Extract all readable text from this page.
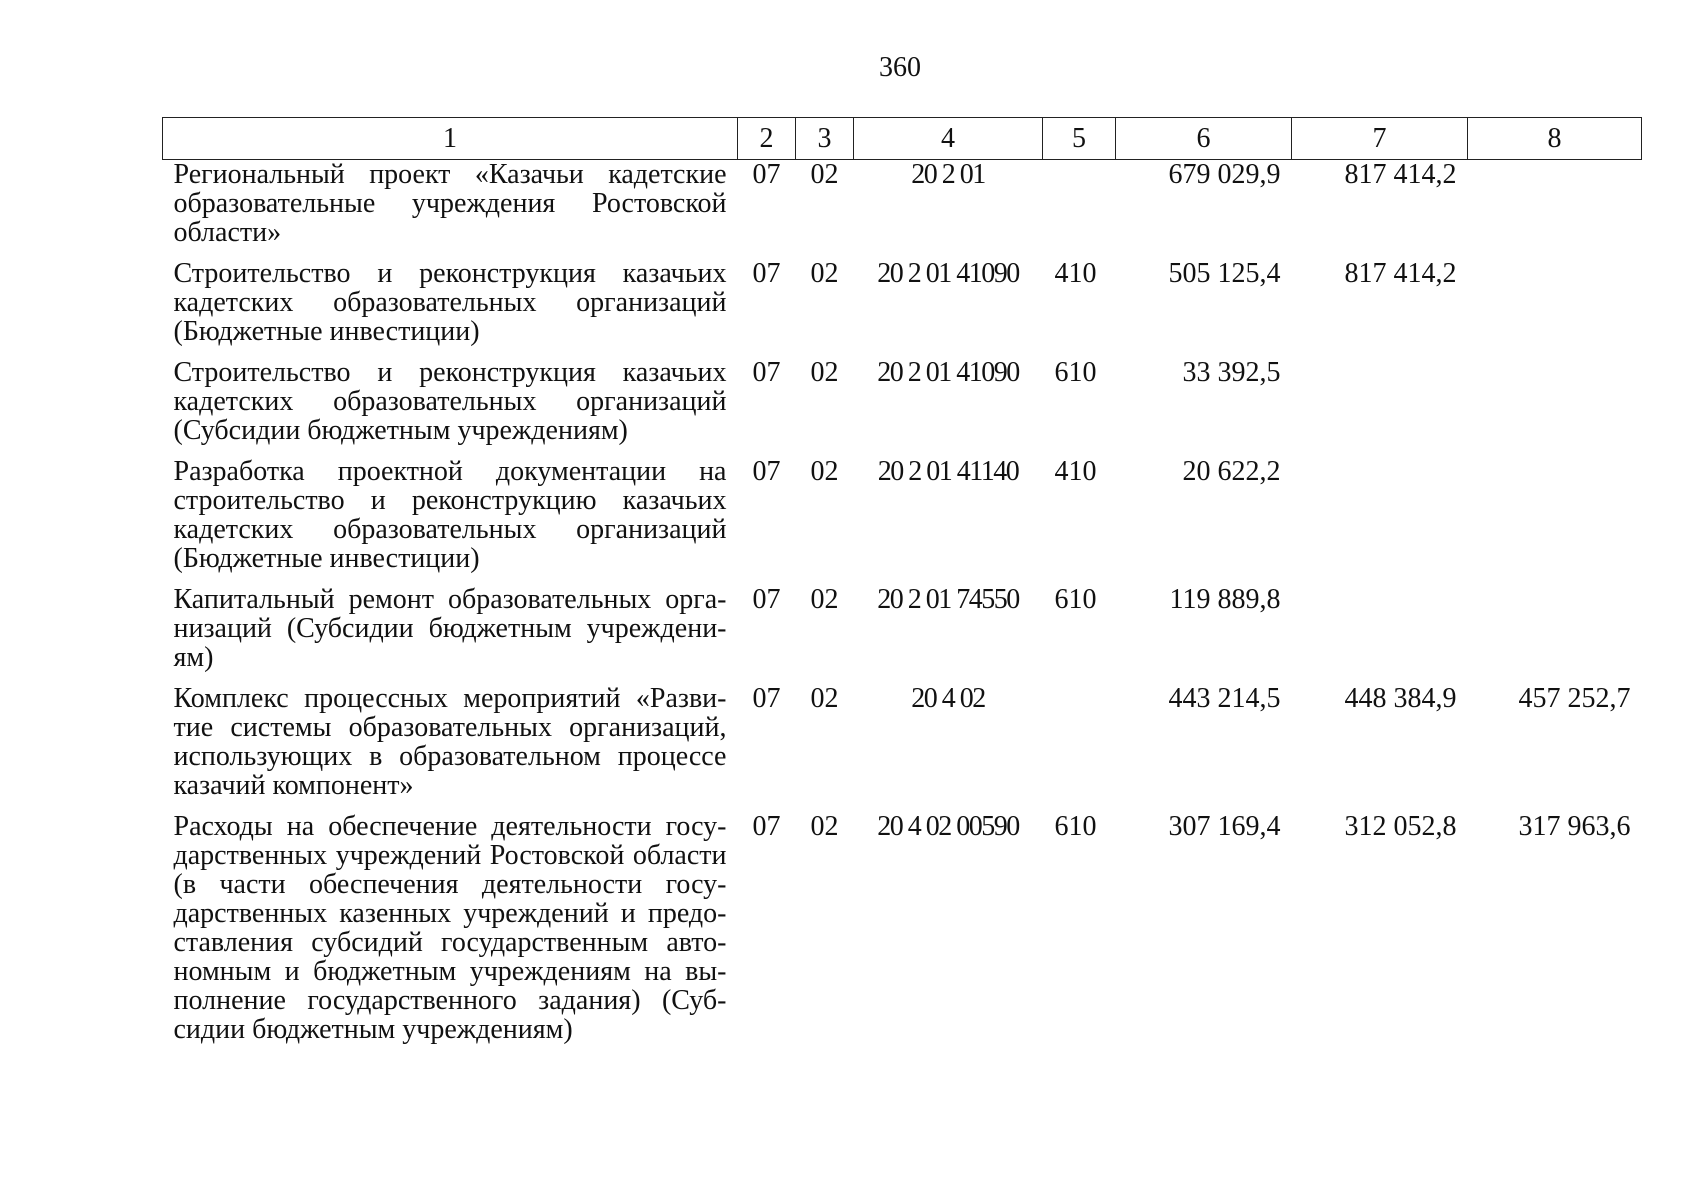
360
1	2	3	4	5	6	7	8
Региональный проект «Казачьи кадетские образовательные учреждения Ростовской области»	07	02	20 2 01		679 029,9	817 414,2	
Строительство и реконструкция казачьих кадетских образовательных организаций (Бюджетные инвестиции)	07	02	20 2 01 41090	410	505 125,4	817 414,2	
Строительство и реконструкция казачьих кадетских образовательных организаций (Субсидии бюджетным учреждениям)	07	02	20 2 01 41090	610	33 392,5		
Разработка проектной документации на строительство и реконструкцию казачьих кадетских образовательных организаций (Бюджетные инвестиции)	07	02	20 2 01 41140	410	20 622,2		
Капитальный ремонт образовательных организаций (Субсидии бюджетным учреждениям)	07	02	20 2 01 74550	610	119 889,8		
Комплекс процессных мероприятий «Развитие системы образовательных организаций, использующих в образовательном процессе казачий компонент»	07	02	20 4 02		443 214,5	448 384,9	457 252,7
Расходы на обеспечение деятельности государственных учреждений Ростовской области (в части обеспечения деятельности государственных казенных учреждений и предоставления субсидий государственным автономным и бюджетным учреждениям на выполнение государственного задания) (Субсидии бюджетным учреждениям)	07	02	20 4 02 00590	610	307 169,4	312 052,8	317 963,6
